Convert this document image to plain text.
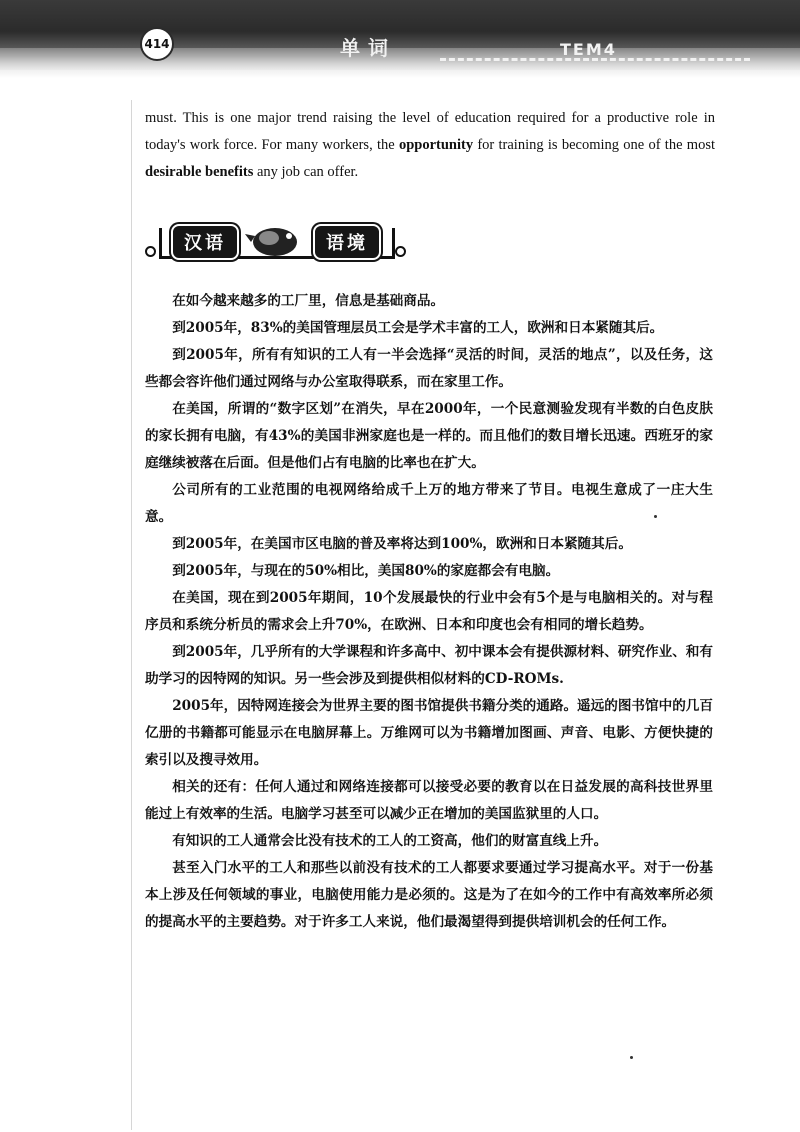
414	单词	TEM4
must. This is one major trend raising the level of education required for a productive role in today's work force. For many workers, the opportunity for training is becoming one of the most desirable benefits any job can offer.
汉语	语境

在如今越来越多的工厂里，信息是基础商品。

到2005年，83%的美国管理层员工会是学术丰富的工人，欧洲和日本紧随其后。

到2005年，所有有知识的工人有一半会选择“灵活的时间，灵活的地点”，以及任务，这些都会容许他们通过网络与办公室取得联系，而在家里工作。

在美国，所谓的“数字区划”在消失，早在2000年，一个民意测验发现有半数的白色皮肤的家长拥有电脑，有43%的美国非洲家庭也是一样的。而且他们的数目增长迅速。西班牙的家庭继续被落在后面。但是他们占有电脑的比率也在扩大。

公司所有的工业范围的电视网络给成千上万的地方带来了节目。电视生意成了一庄大生意。

到2005年，在美国市区电脑的普及率将达到100%，欧洲和日本紧随其后。

到2005年，与现在的50%相比，美国80%的家庭都会有电脑。

在美国，现在到2005年期间，10个发展最快的行业中会有5个是与电脑相关的。对与程序员和系统分析员的需求会上升70%，在欧洲、日本和印度也会有相同的增长趋势。

到2005年，几乎所有的大学课程和许多高中、初中课本会有提供源材料、研究作业、和有助学习的因特网的知识。另一些会涉及到提供相似材料的CD-ROMs.

2005年，因特网连接会为世界主要的图书馆提供书籍分类的通路。遥远的图书馆中的几百亿册的书籍都可能显示在电脑屏幕上。万维网可以为书籍增加图画、声音、电影、方便快捷的索引以及搜寻效用。

相关的还有：任何人通过和网络连接都可以接受必要的教育以在日益发展的高科技世界里能过上有效率的生活。电脑学习甚至可以减少正在增加的美国监狱里的人口。

有知识的工人通常会比没有技术的工人的工资高，他们的财富直线上升。

甚至入门水平的工人和那些以前没有技术的工人都要求要通过学习提高水平。对于一份基本上涉及任何领域的事业，电脑使用能力是必须的。这是为了在如今的工作中有高效率所必须的提高水平的主要趋势。对于许多工人来说，他们最渴望得到提供培训机会的任何工作。
